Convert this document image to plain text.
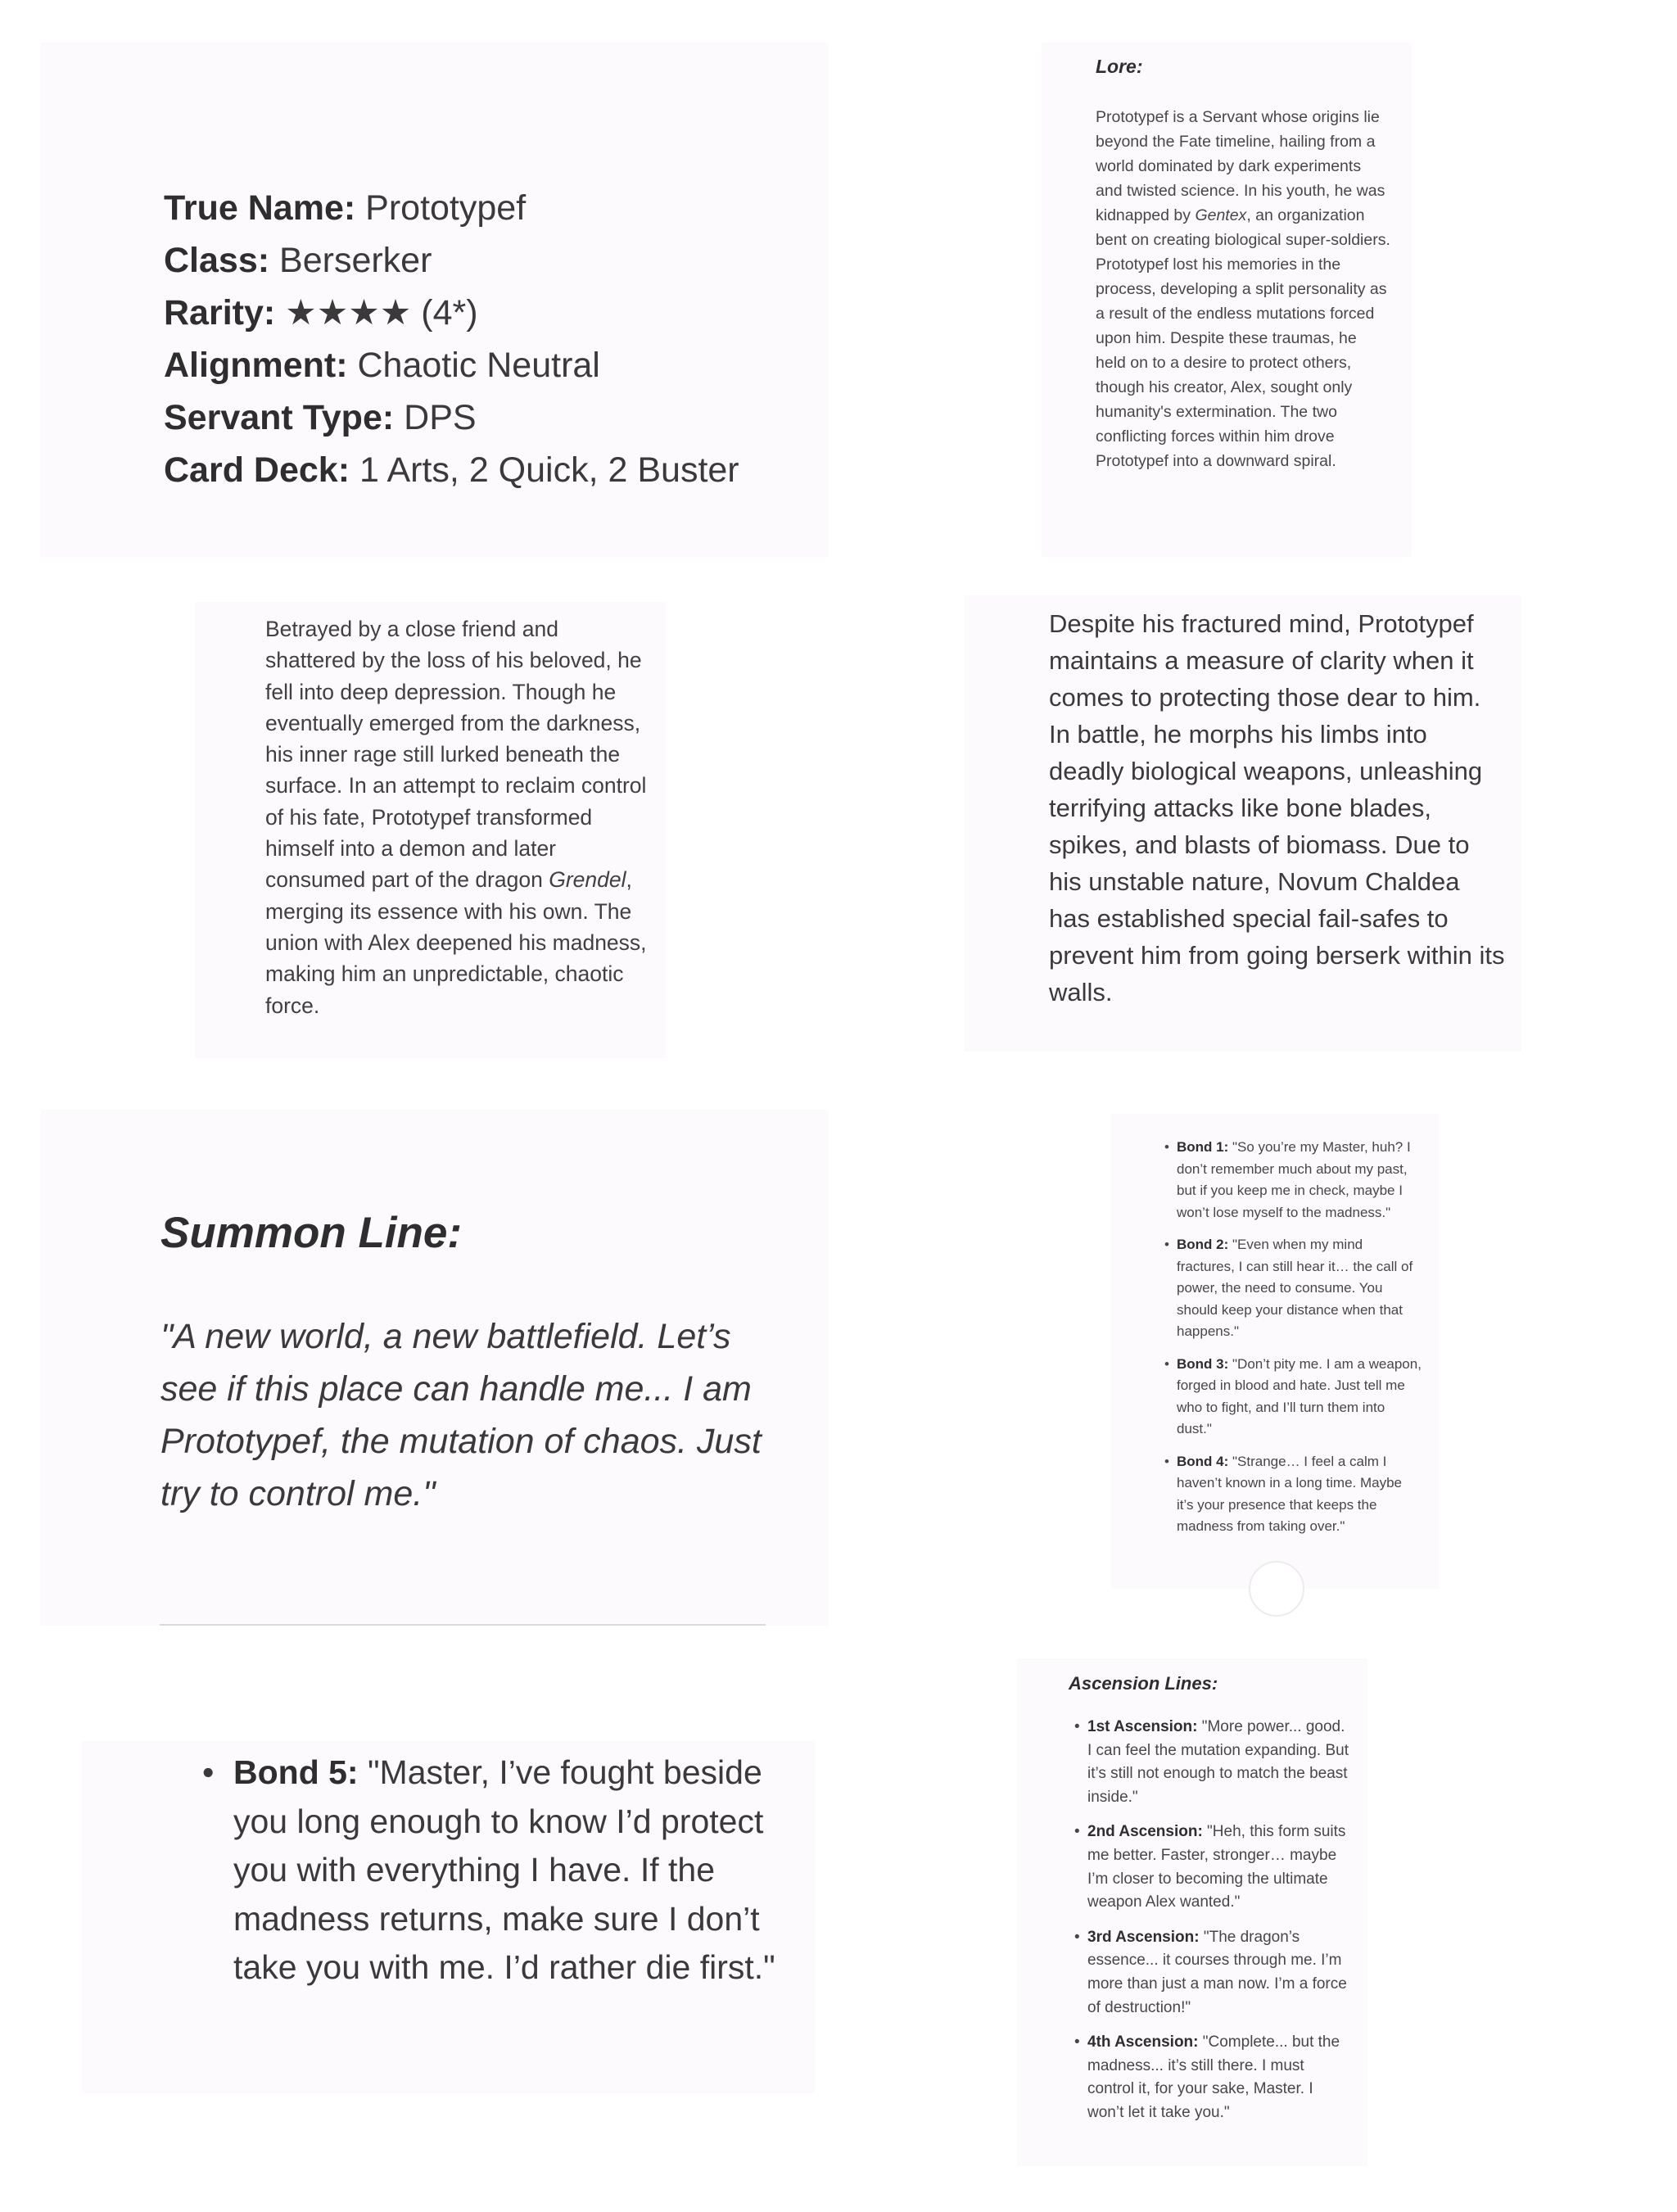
True Name: Prototypef
Class: Berserker
Rarity: ★★★★ (4*)
Alignment: Chaotic Neutral
Servant Type: DPS
Card Deck: 1 Arts, 2 Quick, 2 Buster
Lore:

Prototypef is a Servant whose origins lie beyond the Fate timeline, hailing from a world dominated by dark experiments and twisted science. In his youth, he was kidnapped by Gentex, an organization bent on creating biological super-soldiers. Prototypef lost his memories in the process, developing a split personality as a result of the endless mutations forced upon him. Despite these traumas, he held on to a desire to protect others, though his creator, Alex, sought only humanity's extermination. The two conflicting forces within him drove Prototypef into a downward spiral.

Betrayed by a close friend and shattered by the loss of his beloved, he fell into deep depression. Though he eventually emerged from the darkness, his inner rage still lurked beneath the surface. In an attempt to reclaim control of his fate, Prototypef transformed himself into a demon and later consumed part of the dragon Grendel, merging its essence with his own. The union with Alex deepened his madness, making him an unpredictable, chaotic force.

Despite his fractured mind, Prototypef maintains a measure of clarity when it comes to protecting those dear to him. In battle, he morphs his limbs into deadly biological weapons, unleashing terrifying attacks like bone blades, spikes, and blasts of biomass. Due to his unstable nature, Novum Chaldea has established special fail-safes to prevent him from going berserk within its walls.

Summon Line:

"A new world, a new battlefield. Let’s see if this place can handle me... I am Prototypef, the mutation of chaos. Just try to control me."

• Bond 1: "So you’re my Master, huh? I don’t remember much about my past, but if you keep me in check, maybe I won’t lose myself to the madness."
• Bond 2: "Even when my mind fractures, I can still hear it… the call of power, the need to consume. You should keep your distance when that happens."
• Bond 3: "Don’t pity me. I am a weapon, forged in blood and hate. Just tell me who to fight, and I’ll turn them into dust."
• Bond 4: "Strange… I feel a calm I haven’t known in a long time. Maybe it’s your presence that keeps the madness from taking over."
• Bond 5: "Master, I’ve fought beside you long enough to know I’d protect you with everything I have. If the madness returns, make sure I don’t take you with me. I’d rather die first."
Ascension Lines:
• 1st Ascension: "More power... good. I can feel the mutation expanding. But it’s still not enough to match the beast inside."
• 2nd Ascension: "Heh, this form suits me better. Faster, stronger… maybe I’m closer to becoming the ultimate weapon Alex wanted."
• 3rd Ascension: "The dragon’s essence... it courses through me. I’m more than just a man now. I’m a force of destruction!"
• 4th Ascension: "Complete... but the madness... it’s still there. I must control it, for your sake, Master. I won’t let it take you."
